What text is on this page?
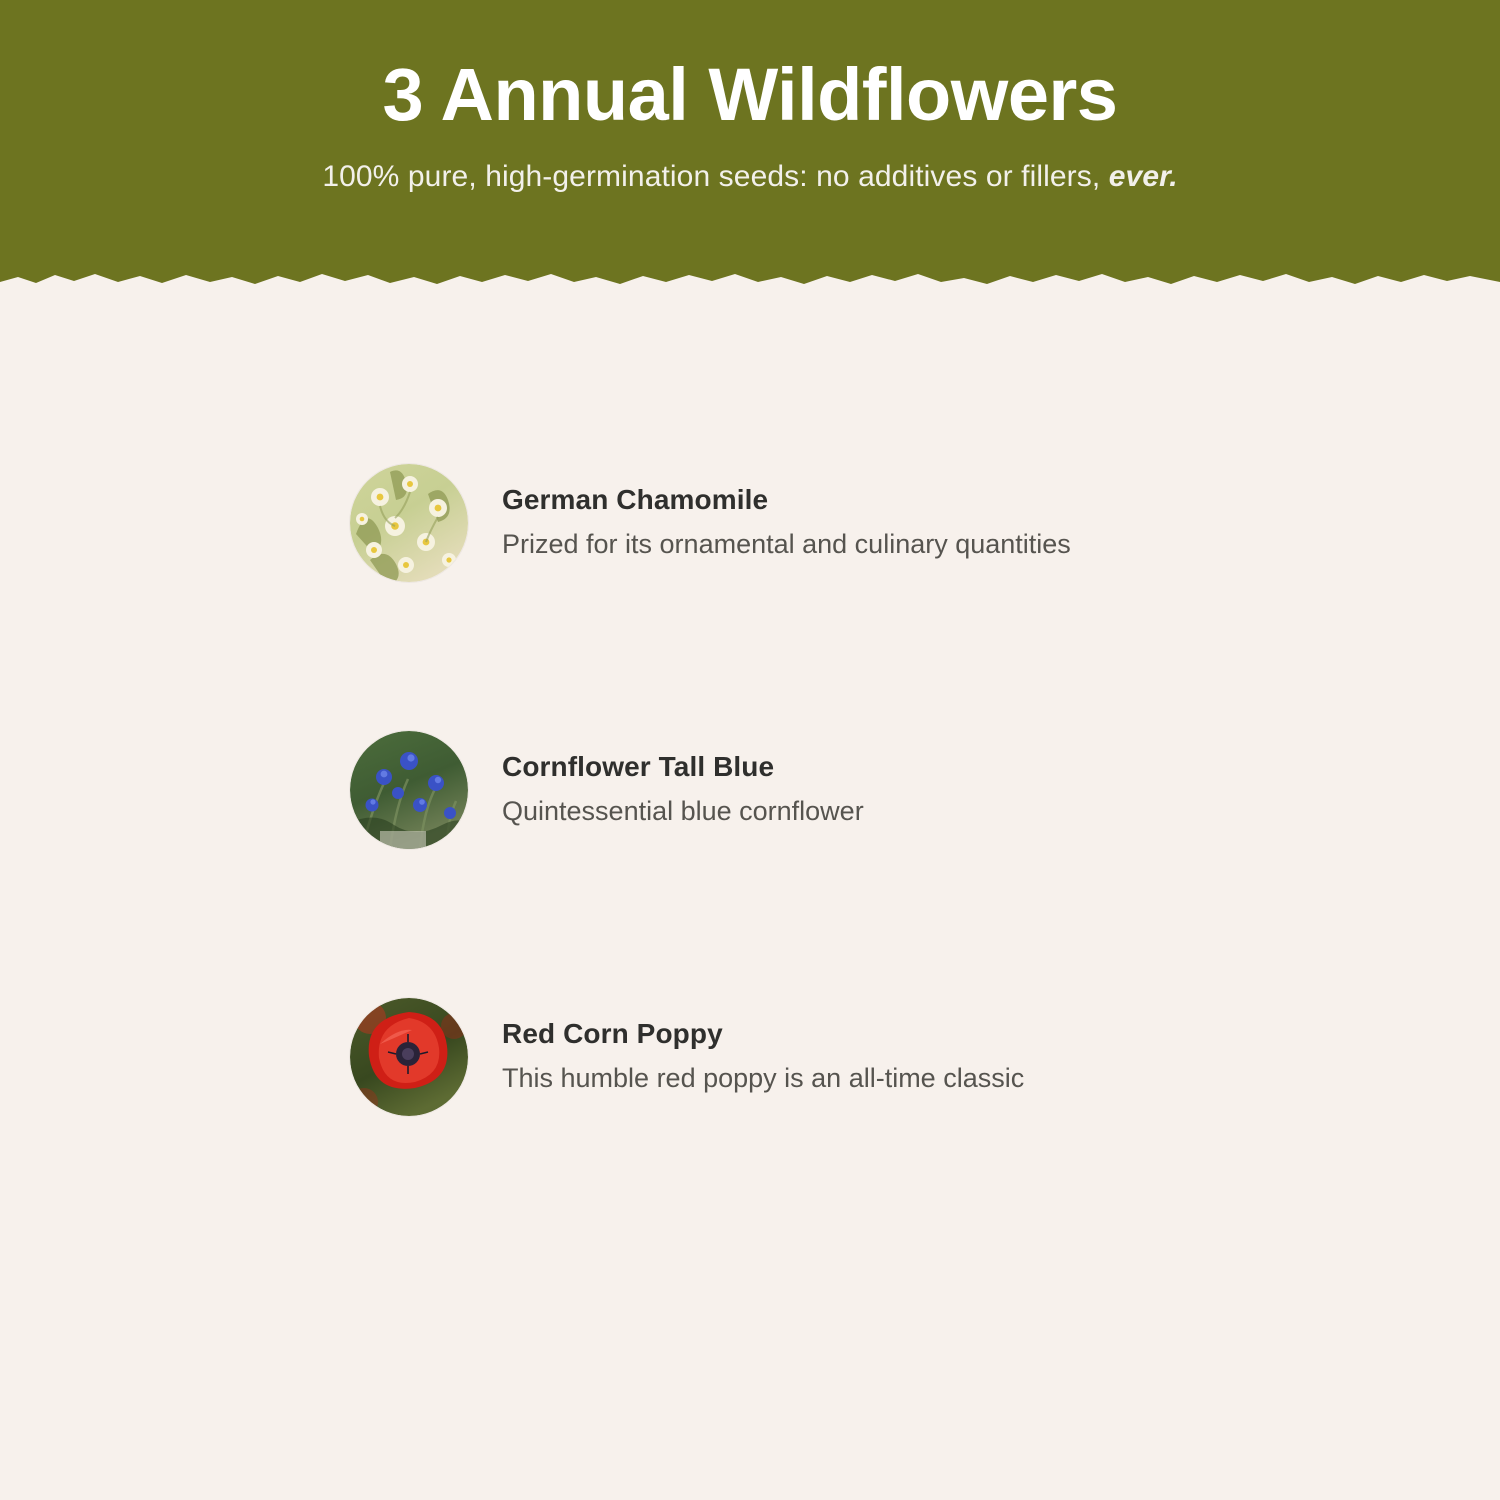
3 Annual Wildflowers
100% pure, high-germination seeds: no additives or fillers, ever.
German Chamomile
Prized for its ornamental and culinary quantities
Cornflower Tall Blue
Quintessential blue cornflower
Red Corn Poppy
This humble red poppy is an all-time classic
